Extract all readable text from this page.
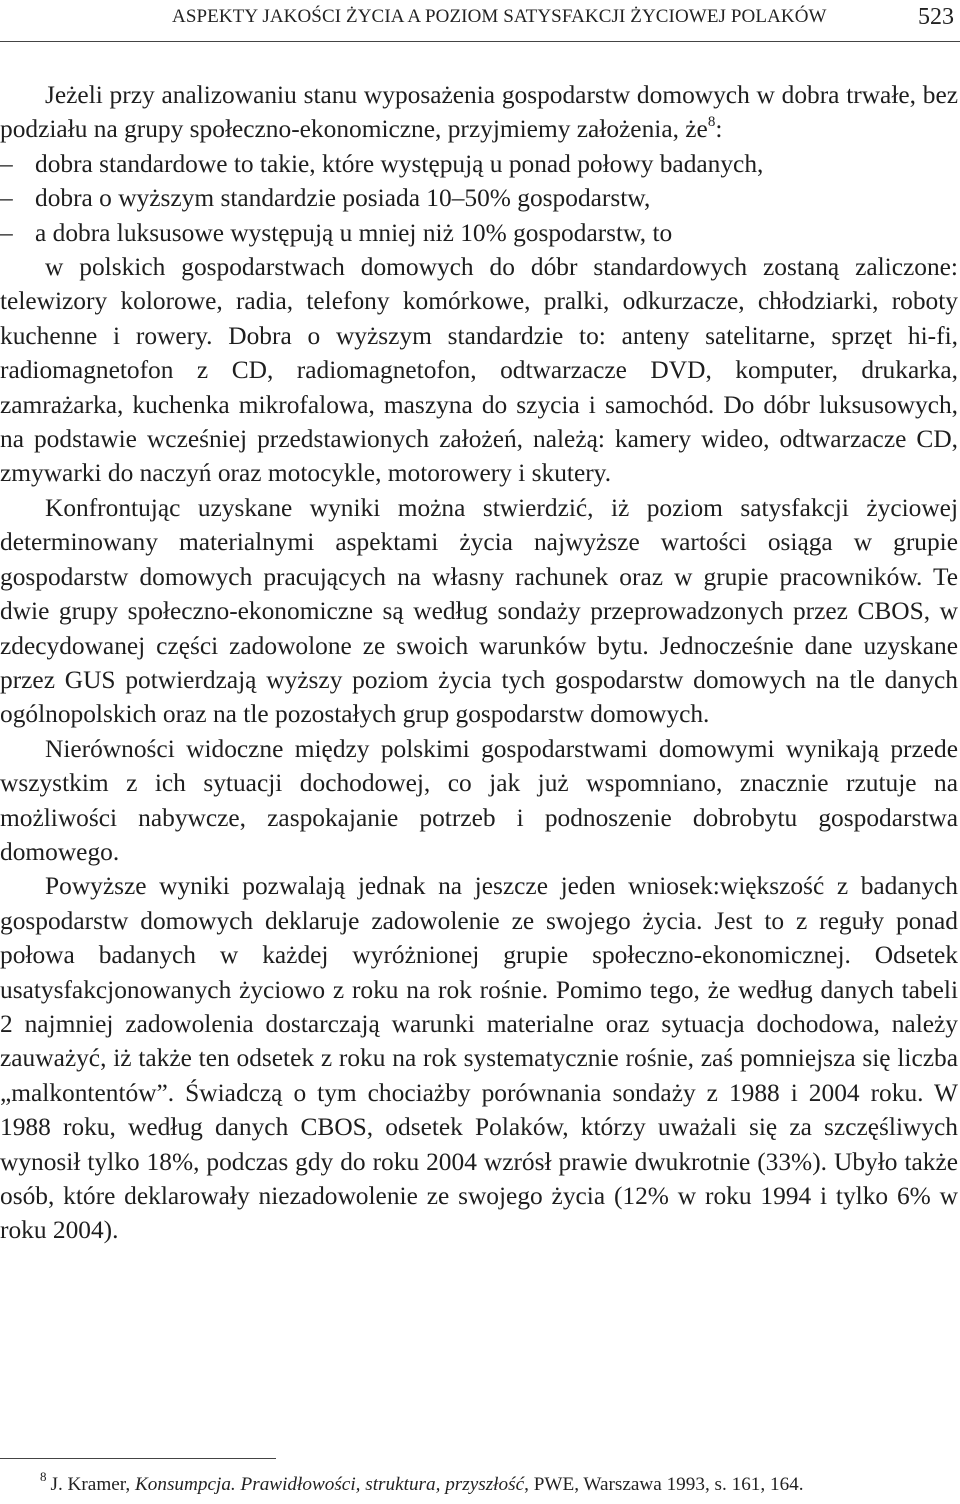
ASPEKTY JAKOŚCI ŻYCIA A POZIOM SATYSFAKCJI ŻYCIOWEJ POLAKÓW	523

Jeżeli przy analizowaniu stanu wyposażenia gospodarstw domowych w dobra trwałe, bez podziału na grupy społeczno-ekonomiczne, przyjmiemy założenia, że$^8$:

– dobra standardowe to takie, które występują u ponad połowy badanych,
– dobra o wyższym standardzie posiada 10–50% gospodarstw,
– a dobra luksusowe występują u mniej niż 10% gospodarstw, to

w polskich gospodarstwach domowych do dóbr standardowych zostaną zaliczone: telewizory kolorowe, radia, telefony komórkowe, pralki, odkurzacze, chłodziarki, roboty kuchenne i rowery. Dobra o wyższym standardzie to: anteny satelitarne, sprzęt hi-fi, radiomagnetofon z CD, radiomagnetofon, odtwarzacze DVD, komputer, drukarka, zamrażarka, kuchenka mikrofalowa, maszyna do szycia i samochód. Do dóbr luksusowych, na podstawie wcześniej przedstawionych założeń, należą: kamery wideo, odtwarzacze CD, zmywarki do naczyń oraz motocykle, motorowery i skutery.

Konfrontując uzyskane wyniki można stwierdzić, iż poziom satysfakcji życiowej determinowany materialnymi aspektami życia najwyższe wartości osiąga w grupie gospodarstw domowych pracujących na własny rachunek oraz w grupie pracowników. Te dwie grupy społeczno-ekonomiczne są według sondaży przeprowadzonych przez CBOS, w zdecydowanej części zadowolone ze swoich warunków bytu. Jednocześnie dane uzyskane przez GUS potwierdzają wyższy poziom życia tych gospodarstw domowych na tle danych ogólnopolskich oraz na tle pozostałych grup gospodarstw domowych.

Nierówności widoczne między polskimi gospodarstwami domowymi wynikają przede wszystkim z ich sytuacji dochodowej, co jak już wspomniano, znacznie rzutuje na możliwości nabywcze, zaspokajanie potrzeb i podnoszenie dobrobytu gospodarstwa domowego.

Powyższe wyniki pozwalają jednak na jeszcze jeden wniosek:większość z badanych gospodarstw domowych deklaruje zadowolenie ze swojego życia. Jest to z reguły ponad połowa badanych w każdej wyróżnionej grupie społeczno-ekonomicznej. Odsetek usatysfakcjonowanych życiowo z roku na rok rośnie. Pomimo tego, że według danych tabeli 2 najmniej zadowolenia dostarczają warunki materialne oraz sytuacja dochodowa, należy zauważyć, iż także ten odsetek z roku na rok systematycznie rośnie, zaś pomniejsza się liczba „malkontentów”. Świadczą o tym chociażby porównania sondaży z 1988 i 2004 roku. W 1988 roku, według danych CBOS, odsetek Polaków, którzy uważali się za szczęśliwych wynosił tylko 18%, podczas gdy do roku 2004 wzrósł prawie dwukrotnie (33%). Ubyło także osób, które deklarowały niezadowolenie ze swojego życia (12% w roku 1994 i tylko 6% w roku 2004).

$^8$ J. Kramer, Konsumpcja. Prawidłowości, struktura, przyszłość, PWE, Warszawa 1993, s. 161, 164.
